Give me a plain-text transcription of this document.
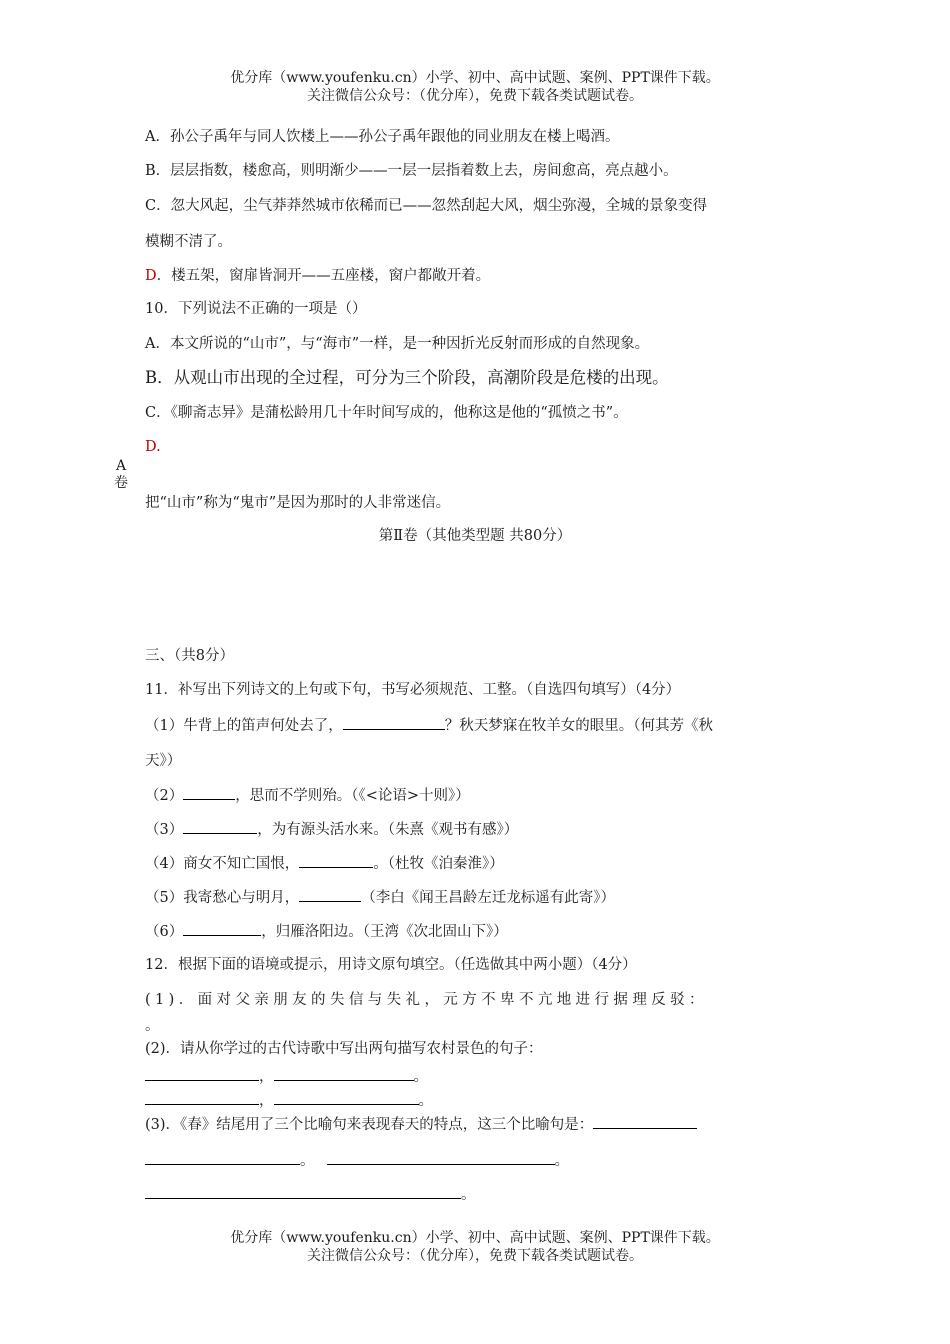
优分库（www.youfenku.cn）小学、初中、高中试题、案例、PPT课件下载。
关注微信公众号：（优分库），免费下载各类试题试卷。
A．孙公子禹年与同人饮楼上——孙公子禹年跟他的同业朋友在楼上喝酒。
B．层层指数，楼愈高，则明渐少——一层一层指着数上去，房间愈高，亮点越小。
C．忽大风起，尘气莽莽然城市依稀而已——忽然刮起大风，烟尘弥漫，全城的景象变得
模糊不清了。
D．楼五架，窗扉皆洞开——五座楼，窗户都敞开着。
10．下列说法不正确的一项是（）
A．本文所说的“山市”，与“海市”一样，是一种因折光反射而形成的自然现象。
B．从观山市出现的全过程，可分为三个阶段，高潮阶段是危楼的出现。
C．《聊斋志异》是蒲松龄用几十年时间写成的，他称这是他的“孤愤之书”。
D.
A
卷
把“山市”称为“鬼市”是因为那时的人非常迷信。
第Ⅱ卷（其他类型题 共80分）
三、（共8分）
11．补写出下列诗文的上句或下句，书写必须规范、工整。（自选四句填写）（4分）
（1）牛背上的笛声何处去了，	？秋天梦寐在牧羊女的眼里。（何其芳《秋
天》）
（2）	，思而不学则殆。（《<论语>十则》）
（3）	，为有源头活水来。（朱熹《观书有感》）
（4）商女不知亡国恨，	。（杜牧《泊秦淮》）
（5）我寄愁心与明月，	（李白《闻王昌龄左迁龙标遥有此寄》）
（6）	，归雁洛阳边。（王湾《次北固山下》）
12．根据下面的语境或提示，用诗文原句填空。（任选做其中两小题）（4分）
(1)．面对父亲朋友的失信与失礼，元方不卑不亢地进行据理反驳：
。
(2)．请从你学过的古代诗歌中写出两句描写农村景色的句子：
，	。
，	。
(3)．《春》结尾用了三个比喻句来表现春天的特点，这三个比喻句是：
。	。
。
优分库（www.youfenku.cn）小学、初中、高中试题、案例、PPT课件下载。
关注微信公众号：（优分库），免费下载各类试题试卷。
